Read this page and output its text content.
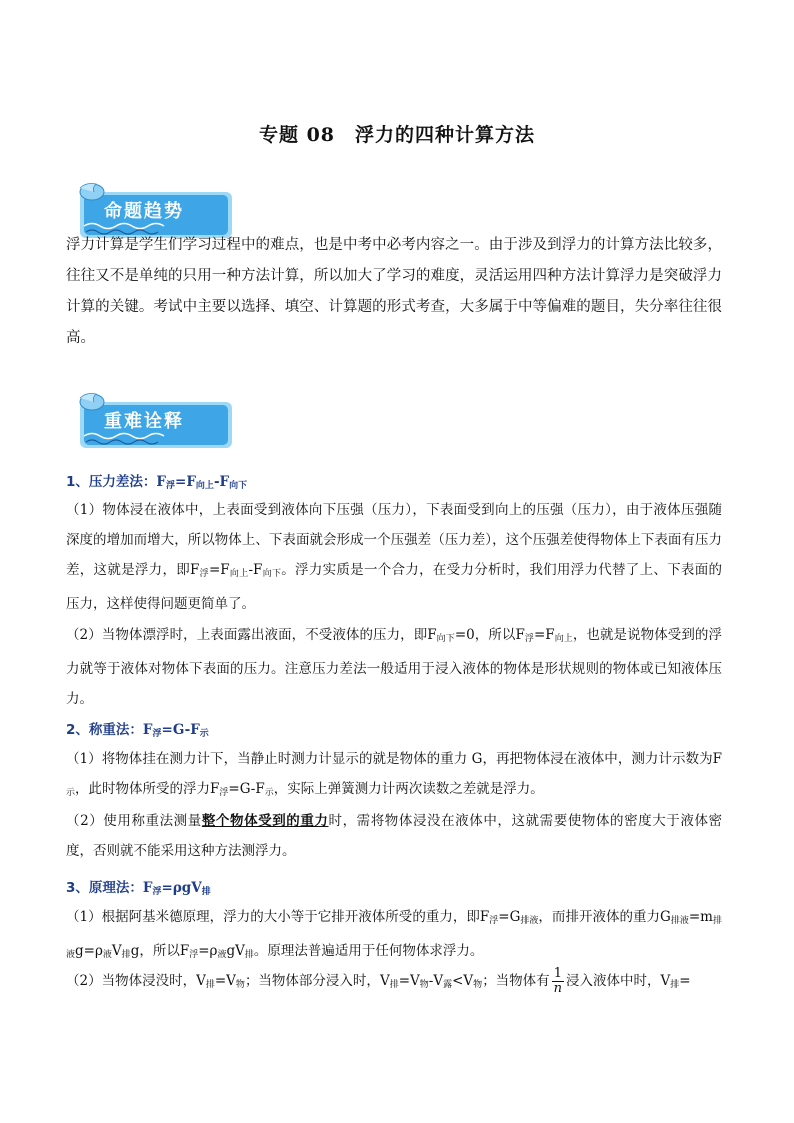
专题 08　浮力的四种计算方法
命题趋势
浮力计算是学生们学习过程中的难点，也是中考中必考内容之一。由于涉及到浮力的计算方法比较多，往往又不是单纯的只用一种方法计算，所以加大了学习的难度，灵活运用四种方法计算浮力是突破浮力计算的关键。考试中主要以选择、填空、计算题的形式考查，大多属于中等偏难的题目，失分率往往很高。
重难诠释
1、压力差法：$F_浮=F_{向上}-F_{向下}$
（1）物体浸在液体中，上表面受到液体向下压强（压力），下表面受到向上的压强（压力），由于液体压强随深度的增加而增大，所以物体上、下表面就会形成一个压强差（压力差），这个压强差使得物体上下表面有压力差，这就是浮力，即$F_浮=F_{向上}-F_{向下}$。浮力实质是一个合力，在受力分析时，我们用浮力代替了上、下表面的压力，这样使得问题更简单了。
（2）当物体漂浮时，上表面露出液面，不受液体的压力，即$F_{向下}=0$，所以$F_浮=F_{向上}$，也就是说物体受到的浮力就等于液体对物体下表面的压力。注意压力差法一般适用于浸入液体的物体是形状规则的物体或已知液体压力。
2、称重法：$F_浮=G-F_示$
（1）将物体挂在测力计下，当静止时测力计显示的就是物体的重力 G，再把物体浸在液体中，测力计示数为$F_示$，此时物体所受的浮力$F_浮=G-F_示$，实际上弹簧测力计两次读数之差就是浮力。
（2）使用称重法测量整个物体受到的重力时，需将物体浸没在液体中，这就需要使物体的密度大于液体密度，否则就不能采用这种方法测浮力。
3、原理法：$F_浮=\rho gV_排$
（1）根据阿基米德原理，浮力的大小等于它排开液体所受的重力，即$F_浮=G_{排液}$，而排开液体的重力$G_{排液}=m_{排液}g=\rho_液V_排g$，所以$F_浮=\rho_液gV_排$。原理法普遍适用于任何物体求浮力。
（2）当物体浸没时，$V_排=V_物$；当物体部分浸入时，$V_排=V_物-V_露<V_物$；当物体有 $\frac{1}{n}$ 浸入液体中时，$V_排=$
